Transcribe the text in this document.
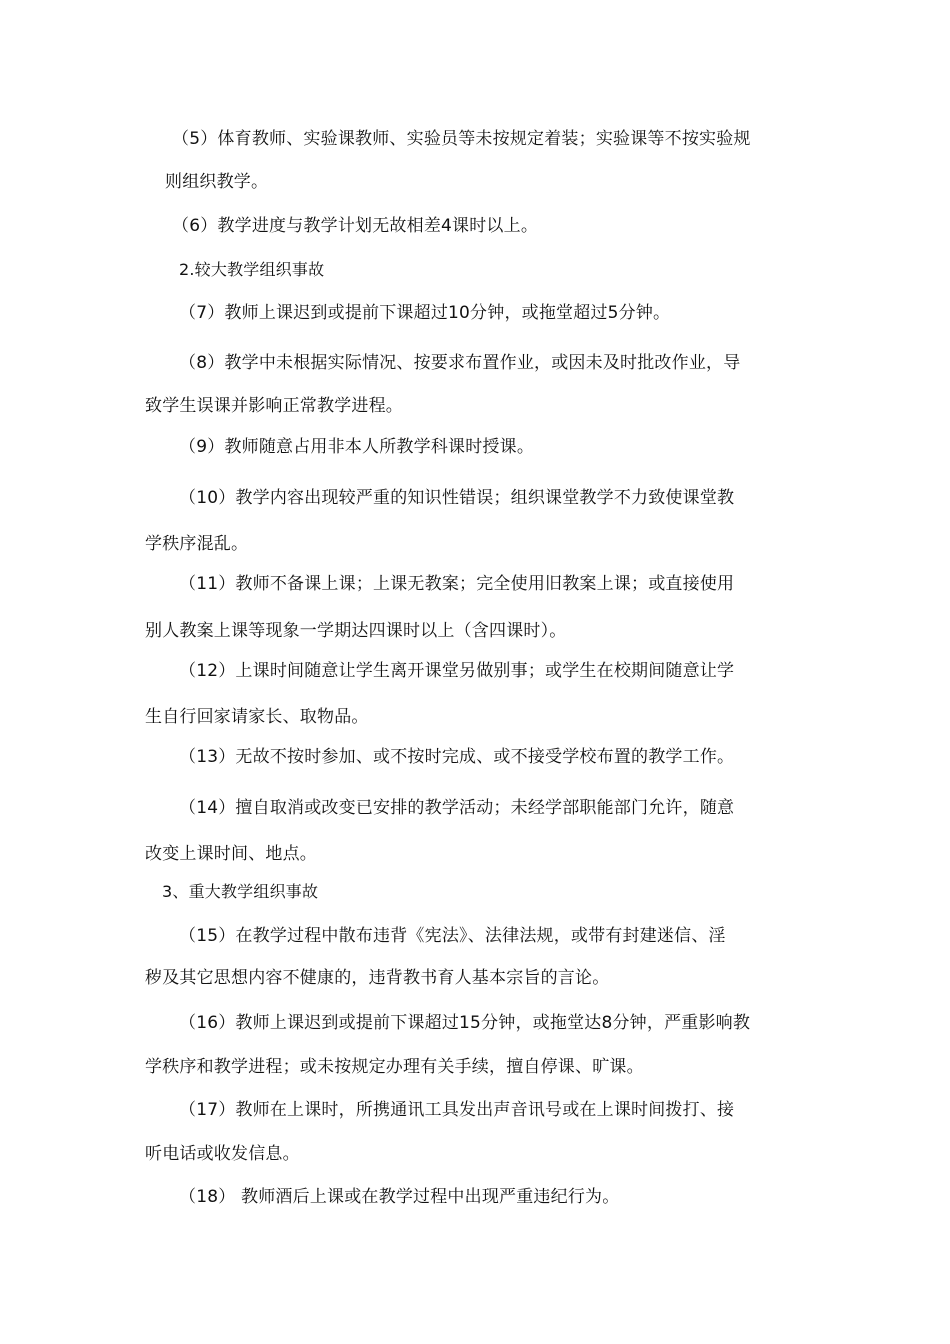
（5）体育教师、实验课教师、实验员等未按规定着装；实验课等不按实验规
则组织教学。
（6）教学进度与教学计划无故相差4课时以上。
2.较大教学组织事故
（7）教师上课迟到或提前下课超过10分钟，或拖堂超过5分钟。
（8）教学中未根据实际情况、按要求布置作业，或因未及时批改作业，导
致学生误课并影响正常教学进程。
（9）教师随意占用非本人所教学科课时授课。
（10）教学内容出现较严重的知识性错误；组织课堂教学不力致使课堂教
学秩序混乱。
（11）教师不备课上课；上课无教案；完全使用旧教案上课；或直接使用
别人教案上课等现象一学期达四课时以上（含四课时）。
（12）上课时间随意让学生离开课堂另做别事；或学生在校期间随意让学
生自行回家请家长、取物品。
（13）无故不按时参加、或不按时完成、或不接受学校布置的教学工作。
（14）擅自取消或改变已安排的教学活动；未经学部职能部门允许，随意
改变上课时间、地点。
3、重大教学组织事故
（15）在教学过程中散布违背《宪法》、法律法规，或带有封建迷信、淫
秽及其它思想内容不健康的，违背教书育人基本宗旨的言论。
（16）教师上课迟到或提前下课超过15分钟，或拖堂达8分钟，严重影响教
学秩序和教学进程；或未按规定办理有关手续，擅自停课、旷课。
（17）教师在上课时，所携通讯工具发出声音讯号或在上课时间拨打、接
听电话或收发信息。
（18） 教师酒后上课或在教学过程中出现严重违纪行为。
